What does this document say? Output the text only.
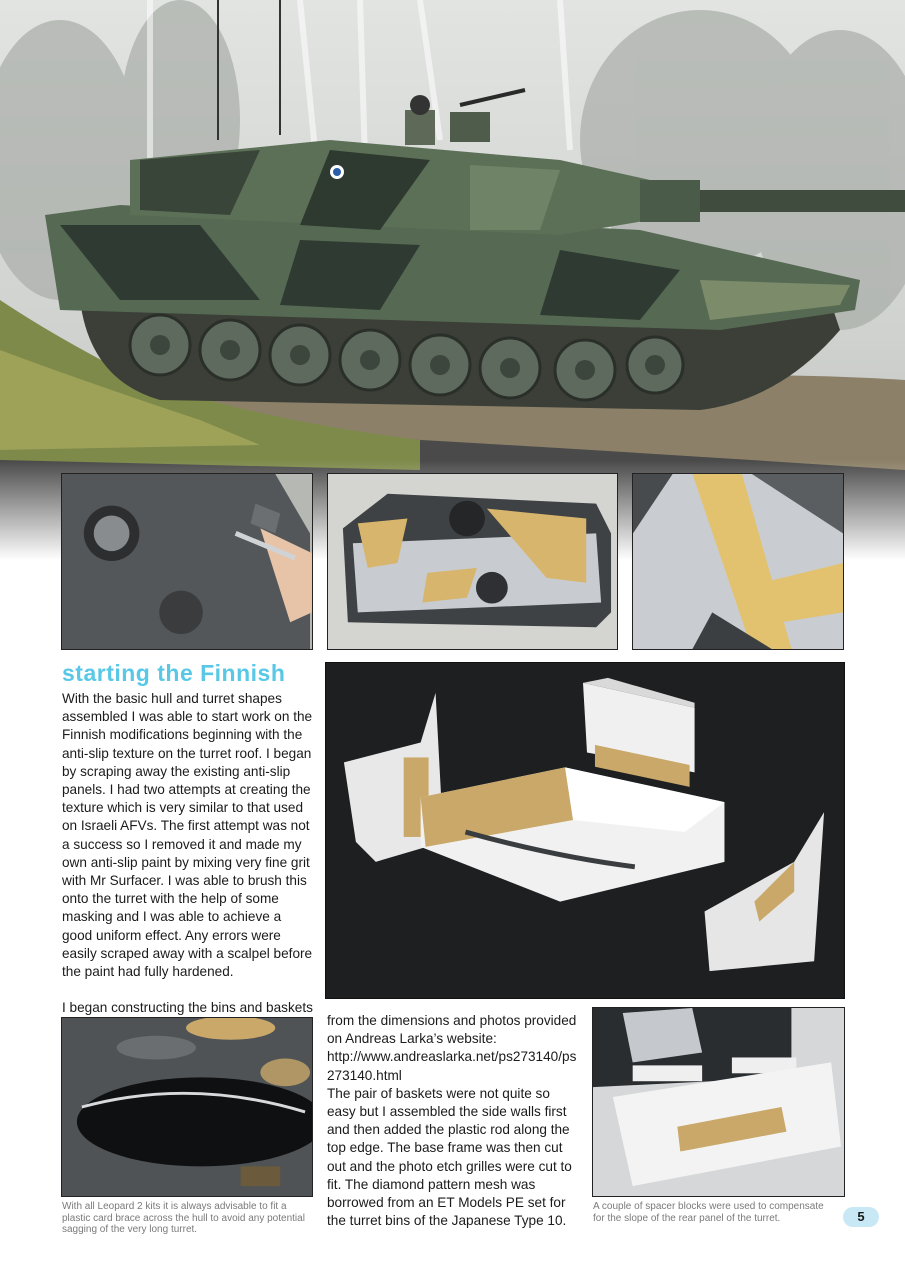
starting the Finnish

With the basic hull and turret shapes assembled I was able to start work on the Finnish modifications beginning with the anti-slip texture on the turret roof. I began by scraping away the existing anti-slip panels. I had two attempts at creating the texture which is very similar to that used on Israeli AFVs. The first attempt was not a success so I removed it and made my own anti-slip paint by mixing very fine grit with Mr Surfacer. I was able to brush this onto the turret with the help of some masking and I was able to achieve a good uniform effect. Any errors were easily scraped away with a scalpel before the paint had fully hardened.

I began constructing the bins and baskets

With all Leopard 2 kits it is always advisable to fit a plastic card brace across the hull to avoid any potential sagging of the very long turret.

from the dimensions and photos provided on Andreas Larka’s website:
http://www.andreaslarka.net/ps273140/ps273140.html
The pair of baskets were not quite so easy but I assembled the side walls first and then added the plastic rod along the top edge. The base frame was then cut out and the photo etch grilles were cut to fit. The diamond pattern mesh was borrowed from an ET Models PE set for the turret bins of the Japanese Type 10.

A couple of spacer blocks were used to compensate for the slope of the rear panel of the turret.	5
